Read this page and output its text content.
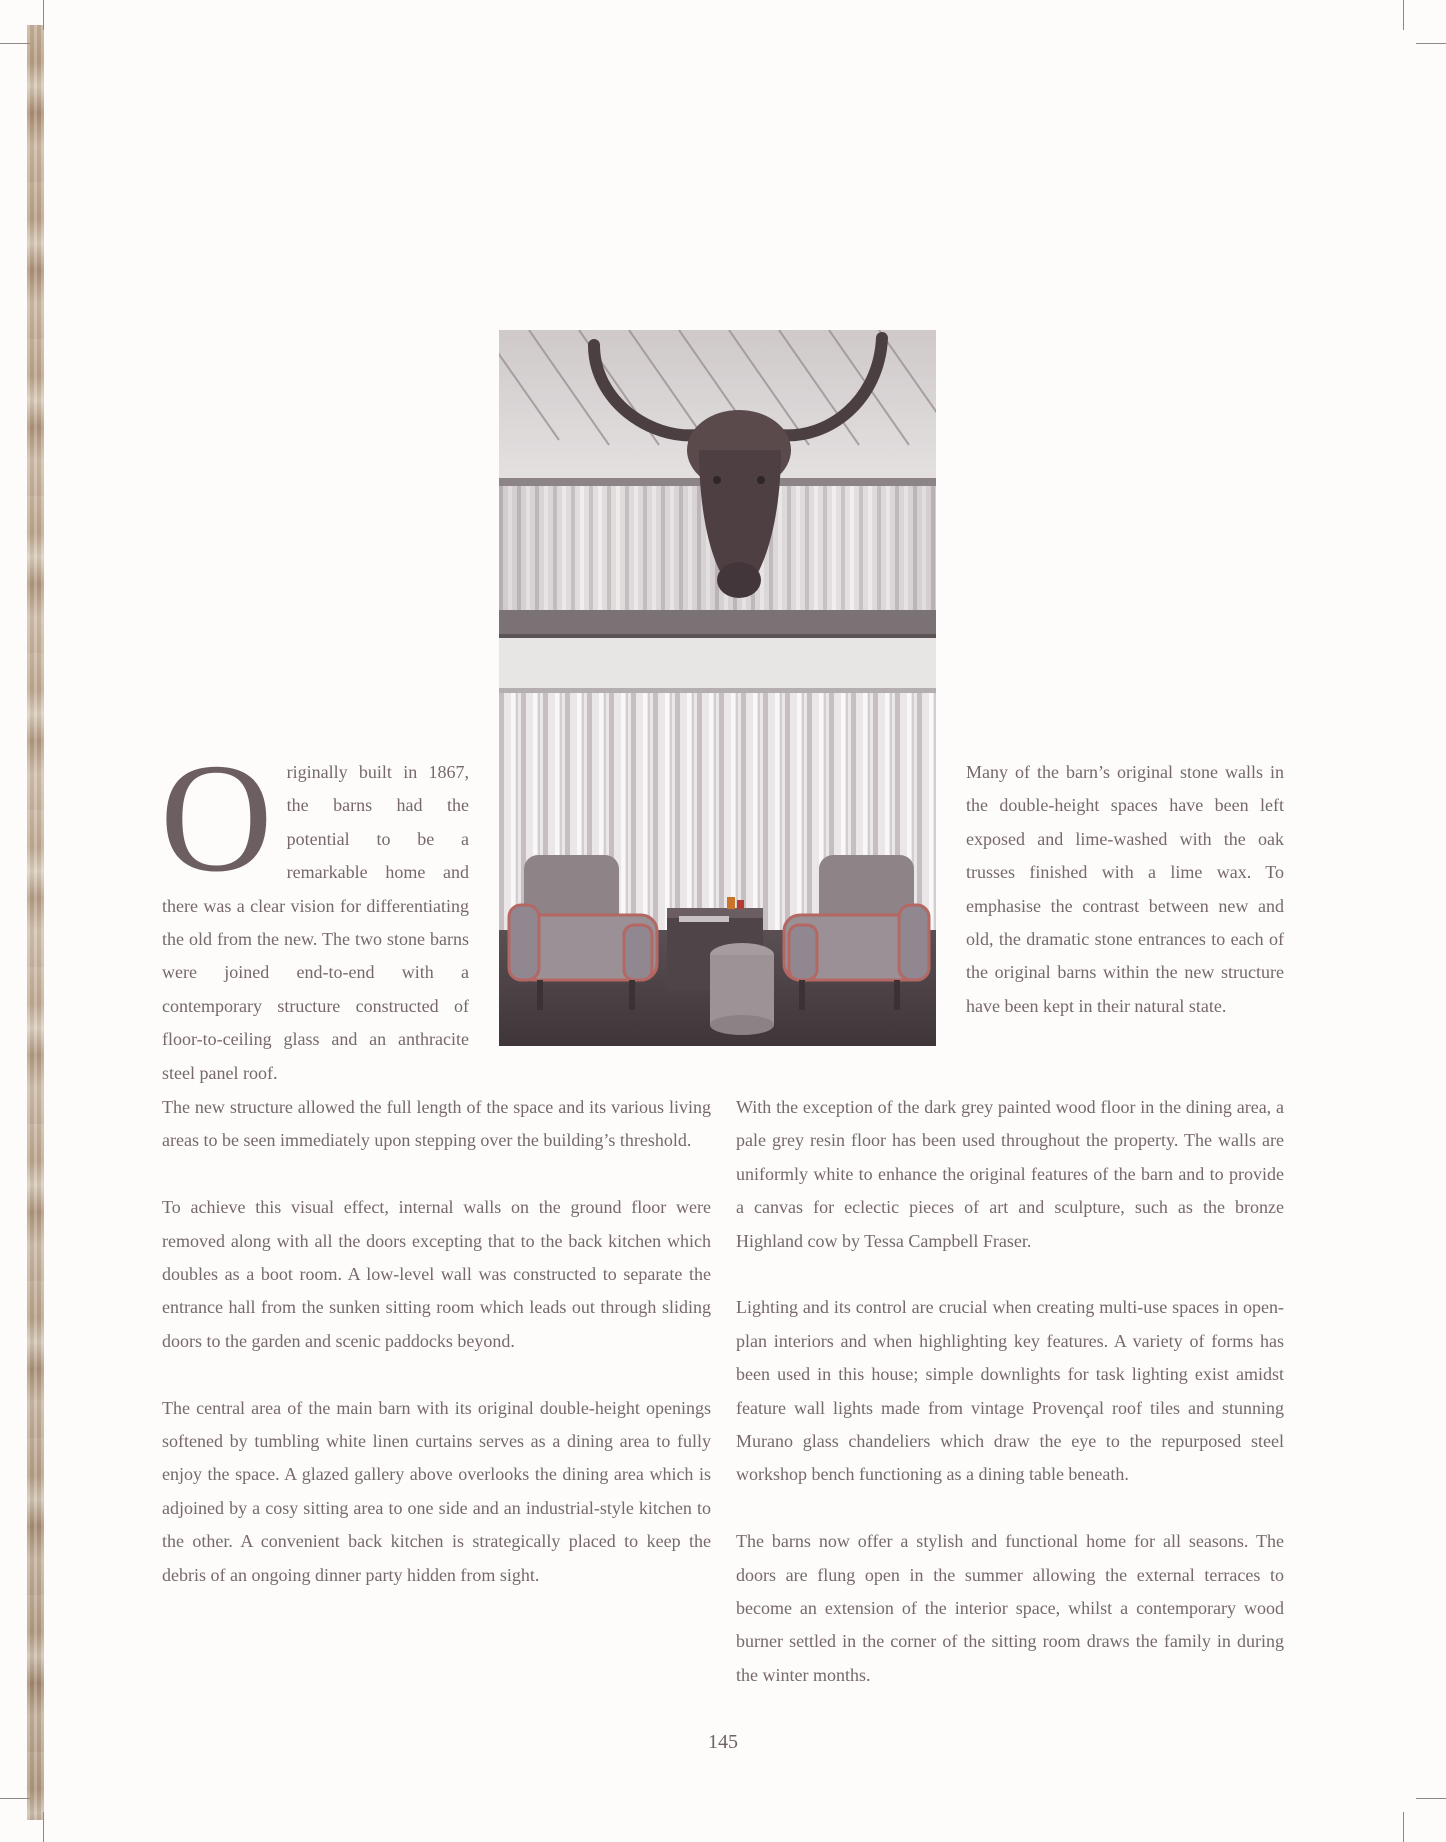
Originally built in 1867, the barns had the potential to be a remarkable home and there was a clear vision for differentiating the old from the new. The two stone barns were joined end-to-end with a contemporary structure constructed of floor-to-ceiling glass and an anthracite steel panel roof.
Many of the barn’s original stone walls in the double-height spaces have been left exposed and lime-washed with the oak trusses finished with a lime wax. To emphasise the contrast between new and old, the dramatic stone entrances to each of the original barns within the new structure have been kept in their natural state.
The new structure allowed the full length of the space and its various living areas to be seen immediately upon stepping over the building’s threshold.
To achieve this visual effect, internal walls on the ground floor were removed along with all the doors excepting that to the back kitchen which doubles as a boot room. A low-level wall was constructed to separate the entrance hall from the sunken sitting room which leads out through sliding doors to the garden and scenic paddocks beyond.
The central area of the main barn with its original double-height openings softened by tumbling white linen curtains serves as a dining area to fully enjoy the space. A glazed gallery above overlooks the dining area which is adjoined by a cosy sitting area to one side and an industrial-style kitchen to the other. A convenient back kitchen is strategically placed to keep the debris of an ongoing dinner party hidden from sight.
With the exception of the dark grey painted wood floor in the dining area, a pale grey resin floor has been used throughout the property. The walls are uniformly white to enhance the original features of the barn and to provide a canvas for eclectic pieces of art and sculpture, such as the bronze Highland cow by Tessa Campbell Fraser.
Lighting and its control are crucial when creating multi-use spaces in open-plan interiors and when highlighting key features. A variety of forms has been used in this house; simple downlights for task lighting exist amidst feature wall lights made from vintage Provençal roof tiles and stunning Murano glass chandeliers which draw the eye to the repurposed steel workshop bench functioning as a dining table beneath.
The barns now offer a stylish and functional home for all seasons. The doors are flung open in the summer allowing the external terraces to become an extension of the interior space, whilst a contemporary wood burner settled in the corner of the sitting room draws the family in during the winter months.
145
